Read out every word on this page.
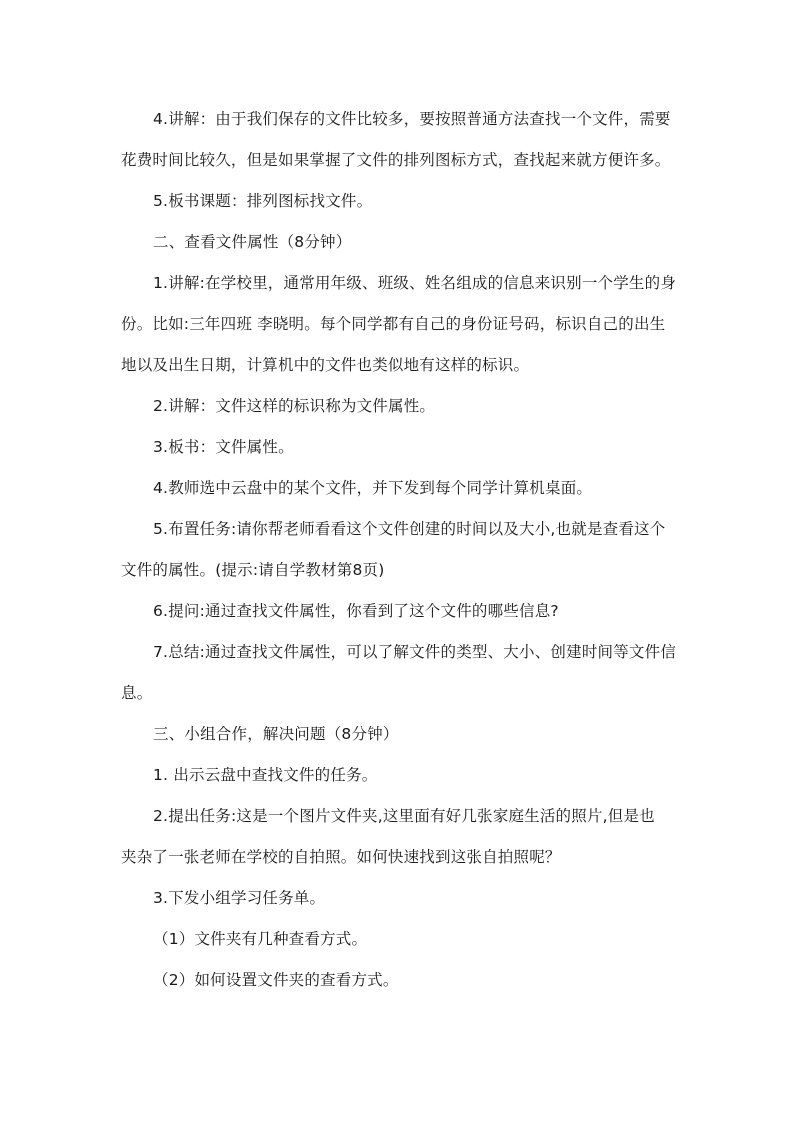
4.讲解：由于我们保存的文件比较多，要按照普通方法查找一个文件，需要
花费时间比较久，但是如果掌握了文件的排列图标方式，查找起来就方便许多。
5.板书课题：排列图标找文件。
二、查看文件属性（8分钟）
1.讲解:在学校里，通常用年级、班级、姓名组成的信息来识别一个学生的身
份。比如:三年四班 李晓明。每个同学都有自己的身份证号码，标识自己的出生
地以及出生日期，计算机中的文件也类似地有这样的标识。
2.讲解：文件这样的标识称为文件属性。
3.板书：文件属性。
4.教师选中云盘中的某个文件，并下发到每个同学计算机桌面。
5.布置任务:请你帮老师看看这个文件创建的时间以及大小,也就是查看这个
文件的属性。(提示:请自学教材第8页)
6.提问:通过查找文件属性，你看到了这个文件的哪些信息?
7.总结:通过查找文件属性，可以了解文件的类型、大小、创建时间等文件信
息。
三、小组合作，解决问题（8分钟）
1. 出示云盘中查找文件的任务。
2.提出任务:这是一个图片文件夹,这里面有好几张家庭生活的照片,但是也
夹杂了一张老师在学校的自拍照。如何快速找到这张自拍照呢？
3.下发小组学习任务单。
（1）文件夹有几种查看方式。
（2）如何设置文件夹的查看方式。
